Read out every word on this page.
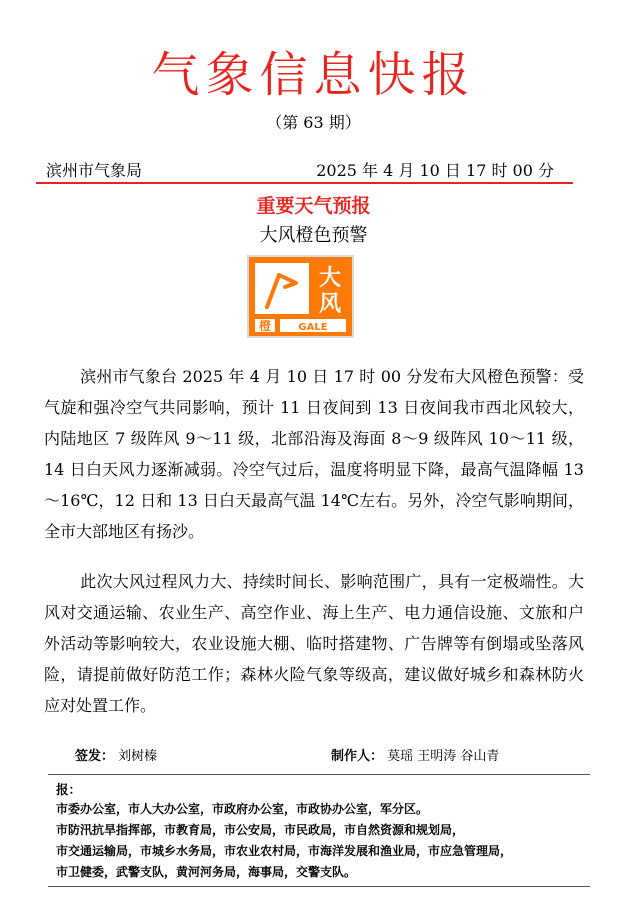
气象信息快报
（第 63 期）
滨州市气象局	2025 年 4 月 10 日 17 时 00 分
重要天气预报
大风橙色预警
橙	GALE
大
风
滨州市气象台 2025 年 4 月 10 日 17 时 00 分发布大风橙色预警：受气旋和强冷空气共同影响，预计 11 日夜间到 13 日夜间我市西北风较大，内陆地区 7 级阵风 9～11 级，北部沿海及海面 8～9 级阵风 10～11 级，14 日白天风力逐渐减弱。冷空气过后，温度将明显下降，最高气温降幅 13～16℃，12 日和 13 日白天最高气温 14℃左右。另外，冷空气影响期间，全市大部地区有扬沙。
此次大风过程风力大、持续时间长、影响范围广，具有一定极端性。大风对交通运输、农业生产、高空作业、海上生产、电力通信设施、文旅和户外活动等影响较大，农业设施大棚、临时搭建物、广告牌等有倒塌或坠落风险，请提前做好防范工作；森林火险气象等级高，建议做好城乡和森林防火应对处置工作。
签发： 刘树榛	制作人： 莫瑶 王明涛 谷山青
报：
市委办公室，市人大办公室，市政府办公室，市政协办公室，军分区。
市防汛抗旱指挥部，市教育局，市公安局，市民政局，市自然资源和规划局，
市交通运输局，市城乡水务局，市农业农村局，市海洋发展和渔业局，市应急管理局，
市卫健委，武警支队，黄河河务局，海事局，交警支队。
